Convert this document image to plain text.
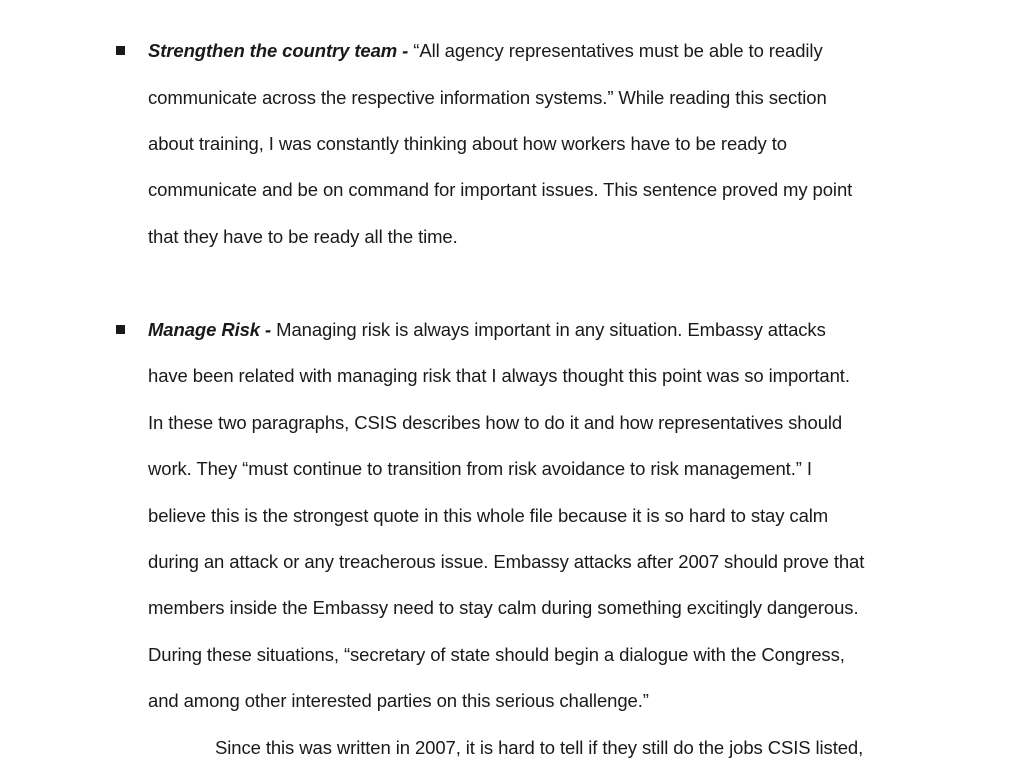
Strengthen the country team - “All agency representatives must be able to readily
communicate across the respective information systems.” While reading this section
about training, I was constantly thinking about how workers have to be ready to
communicate and be on command for important issues. This sentence proved my point
that they have to be ready all the time.
Manage Risk - Managing risk is always important in any situation. Embassy attacks
have been related with managing risk that I always thought this point was so important.
In these two paragraphs, CSIS describes how to do it and how representatives should
work. They “must continue to transition from risk avoidance to risk management.” I
believe this is the strongest quote in this whole file because it is so hard to stay calm
during an attack or any treacherous issue. Embassy attacks after 2007 should prove that
members inside the Embassy need to stay calm during something excitingly dangerous.
During these situations, “secretary of state should begin a dialogue with the Congress,
and among other interested parties on this serious challenge.”
Since this was written in 2007, it is hard to tell if they still do the jobs CSIS listed,
